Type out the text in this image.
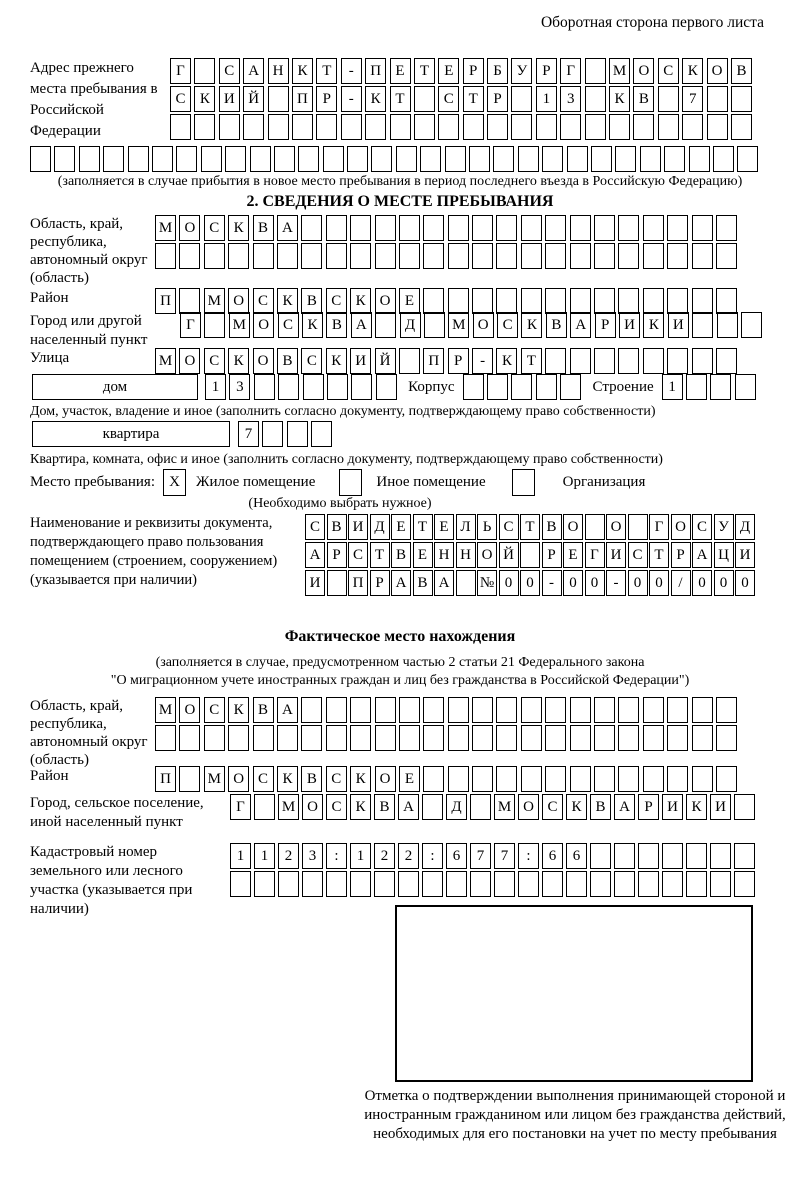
Оборотная сторона первого листа
Адрес прежнего места пребывания в Российской Федерации
Г	С А Н К Т	-	П Е	Т	Е	Р	Б У Р	Г	М О С К О В
С К И Й	П Р	-	К Т	С Т	Р	1	3	К В	7
(заполняется в случае прибытия в новое место пребывания в период последнего въезда в Российскую Федерацию)
2. СВЕДЕНИЯ О МЕСТЕ ПРЕБЫВАНИЯ
Область, край, республика, автономный округ (область)
М О С К В А
Район	П	М О С К В С К О Е
Город или другой населенный пункт
Г	М О С К В А	Д	М О С К В А Р И К И
Улица	М О С К О В С К И Й	П Р	-	К Т
дом	1	3	Корпус	Строение 1
Дом, участок, владение и иное (заполнить согласно документу, подтверждающему право собственности)
квартира	7
Квартира, комната, офис и иное (заполнить согласно документу, подтверждающему право собственности)
Место пребывания: X	Жилое помещение	Иное помещение	Организация
(Необходимо выбрать нужное)
Наименование и реквизиты документа, подтверждающего право пользования помещением (строением, сооружением) (указывается при наличии)
С В И Д Е Т Е Л Ь С Т В О	О	Г О С У Д
А Р С Т В Е Н Н О Й	Р Е Г И С Т Р А Ц И
И	П Р А В А	№ 0 0	-	0 0	-	0 0	/	0 0 0
Фактическое место нахождения
(заполняется в случае, предусмотренном частью 2 статьи 21 Федерального закона
"О миграционном учете иностранных граждан и лиц без гражданства в Российской Федерации")
Область, край, республика, автономный округ (область)
М О С К В А
Район	П	М О С К В С К О Е
Город, сельское поселение, иной населенный пункт
Г	М О С К В А	Д	М О С К В А Р И К И
Кадастровый номер земельного или лесного участка (указывается при наличии)
1	1	2	3	:	1	2	2	:	6	7	7	:	6	6
Отметка о подтверждении выполнения принимающей стороной и иностранным гражданином или лицом без гражданства действий, необходимых для его постановки на учет по месту пребывания
